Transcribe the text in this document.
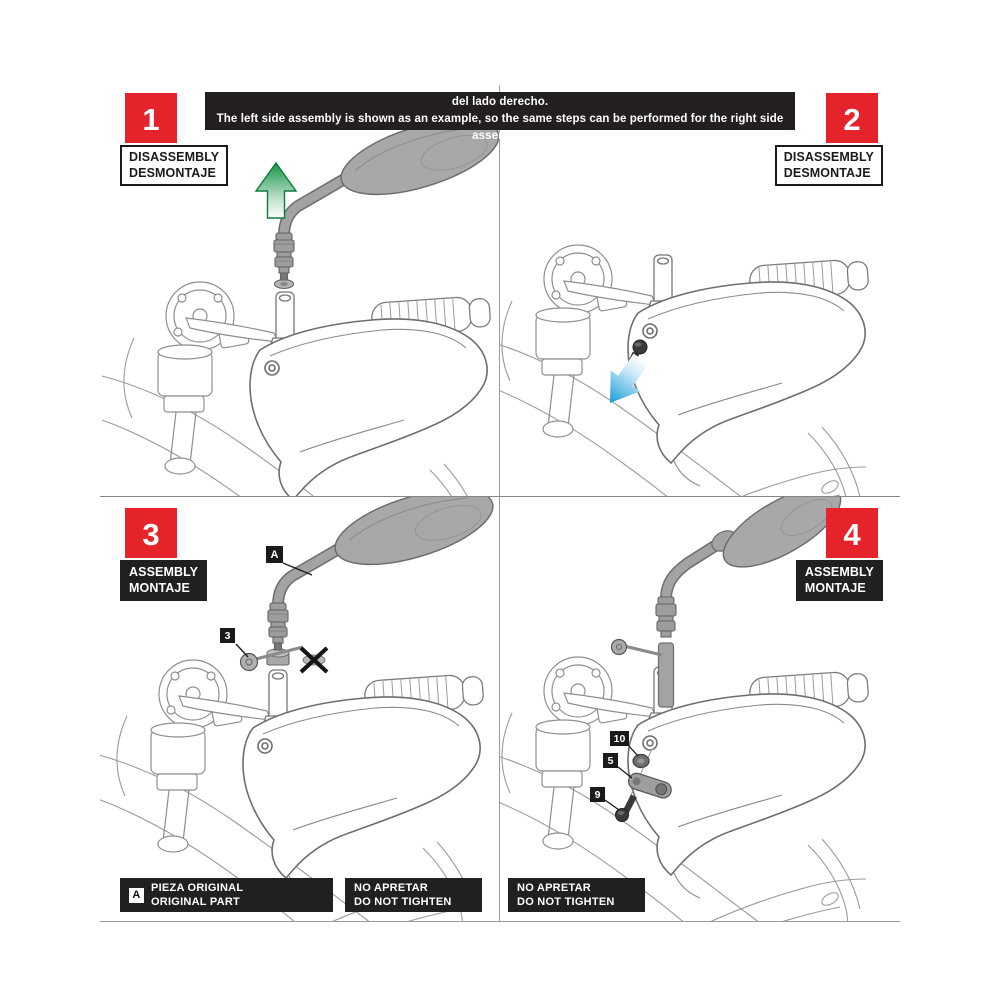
Se muestra el montaje del lado izquierdo a modo de ejemplo, realizar los mismos pasos para el montaje del lado derecho.
The left side assembly is shown as an example, so the same steps can be performed for the right side assembly.
1
DISASSEMBLY
DESMONTAJE
2
DISASSEMBLY
DESMONTAJE
A
3
3
ASSEMBLY
MONTAJE
A
PIEZA ORIGINAL
ORIGINAL PART
NO APRETAR
DO NOT TIGHTEN
10
5
9
4
ASSEMBLY
MONTAJE
NO APRETAR
DO NOT TIGHTEN
